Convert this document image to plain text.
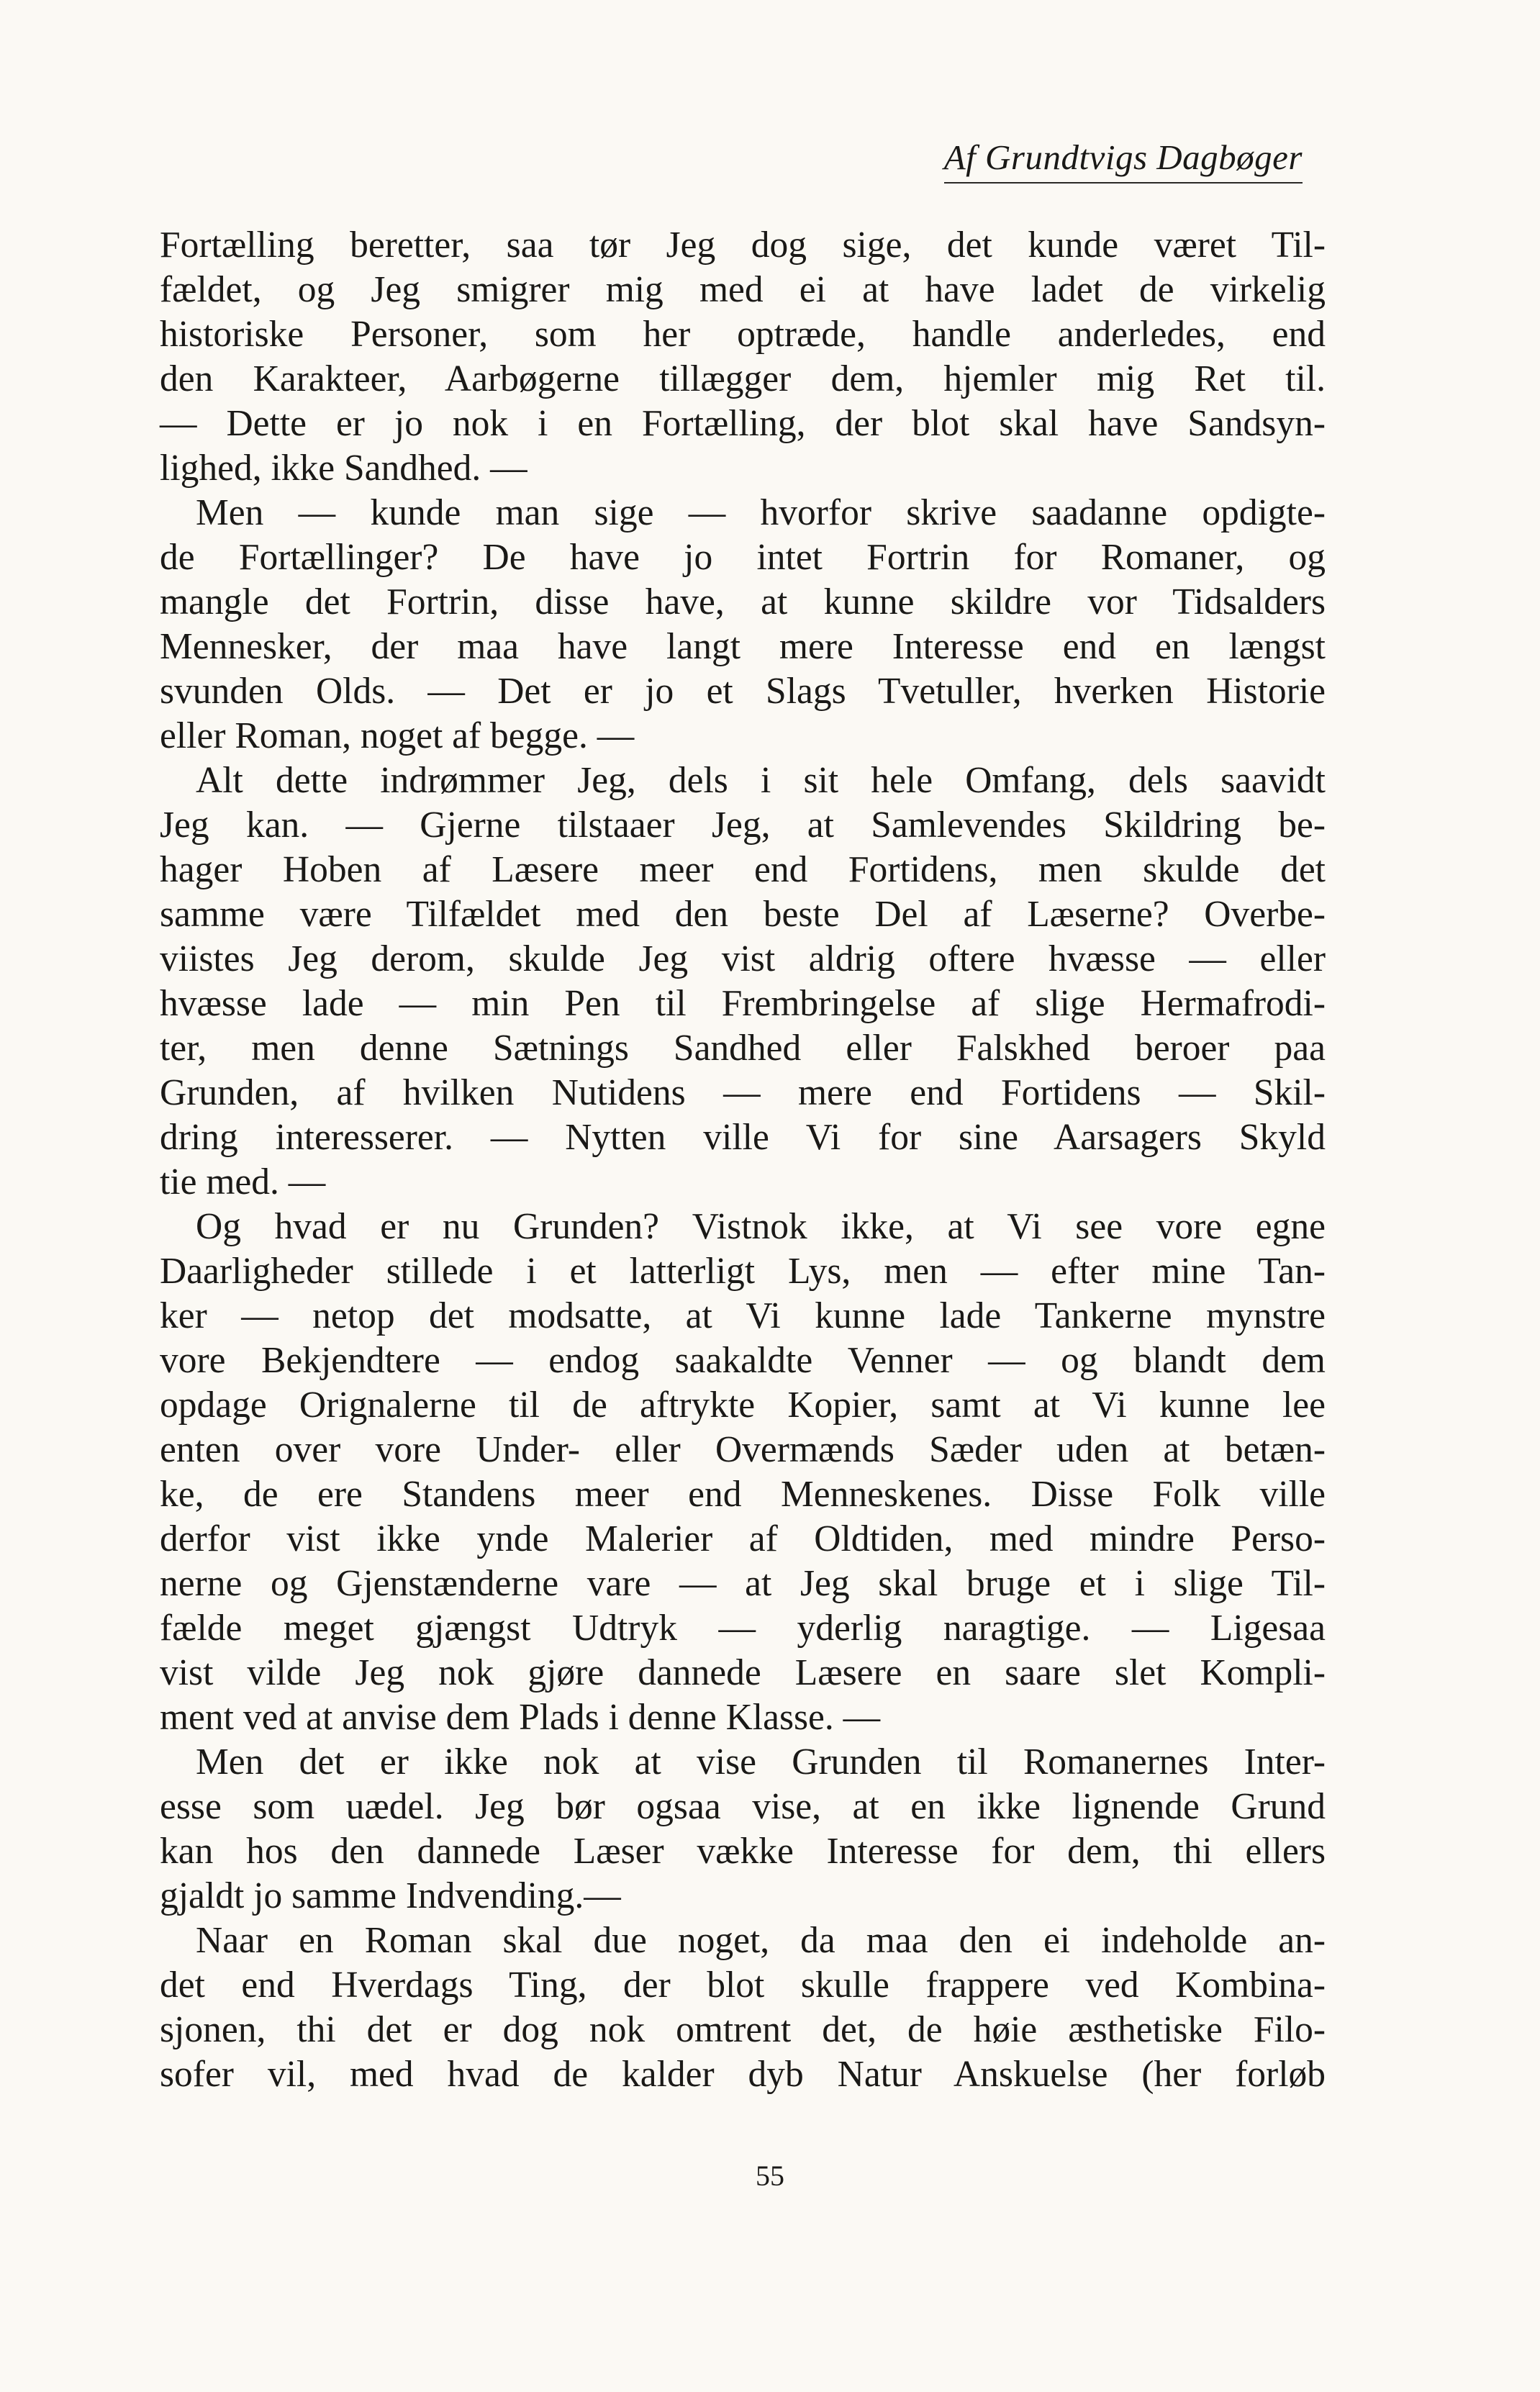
Af Grundtvigs Dagbøger
Fortælling beretter, saa tør Jeg dog sige, det kunde været Til-
fældet, og Jeg smigrer mig med ei at have ladet de virkelig
historiske Personer, som her optræde, handle anderledes, end
den Karakteer, Aarbøgerne tillægger dem, hjemler mig Ret til.
— Dette er jo nok i en Fortælling, der blot skal have Sandsyn-
lighed, ikke Sandhed. —
Men — kunde man sige — hvorfor skrive saadanne opdigte-
de Fortællinger? De have jo intet Fortrin for Romaner, og
mangle det Fortrin, disse have, at kunne skildre vor Tidsalders
Mennesker, der maa have langt mere Interesse end en længst
svunden Olds. — Det er jo et Slags Tvetuller, hverken Historie
eller Roman, noget af begge. —
Alt dette indrømmer Jeg, dels i sit hele Omfang, dels saavidt
Jeg kan. — Gjerne tilstaaer Jeg, at Samlevendes Skildring be-
hager Hoben af Læsere meer end Fortidens, men skulde det
samme være Tilfældet med den beste Del af Læserne? Overbe-
viistes Jeg derom, skulde Jeg vist aldrig oftere hvæsse — eller
hvæsse lade — min Pen til Frembringelse af slige Hermafrodi-
ter, men denne Sætnings Sandhed eller Falskhed beroer paa
Grunden, af hvilken Nutidens — mere end Fortidens — Skil-
dring interesserer. — Nytten ville Vi for sine Aarsagers Skyld
tie med. —
Og hvad er nu Grunden? Vistnok ikke, at Vi see vore egne
Daarligheder stillede i et latterligt Lys, men — efter mine Tan-
ker — netop det modsatte, at Vi kunne lade Tankerne mynstre
vore Bekjendtere — endog saakaldte Venner — og blandt dem
opdage Orignalerne til de aftrykte Kopier, samt at Vi kunne lee
enten over vore Under- eller Overmænds Sæder uden at betæn-
ke, de ere Standens meer end Menneskenes. Disse Folk ville
derfor vist ikke ynde Malerier af Oldtiden, med mindre Perso-
nerne og Gjenstænderne vare — at Jeg skal bruge et i slige Til-
fælde meget gjængst Udtryk — yderlig naragtige. — Ligesaa
vist vilde Jeg nok gjøre dannede Læsere en saare slet Kompli-
ment ved at anvise dem Plads i denne Klasse. —
Men det er ikke nok at vise Grunden til Romanernes Inter-
esse som uædel. Jeg bør ogsaa vise, at en ikke lignende Grund
kan hos den dannede Læser vække Interesse for dem, thi ellers
gjaldt jo samme Indvending.—
Naar en Roman skal due noget, da maa den ei indeholde an-
det end Hverdags Ting, der blot skulle frappere ved Kombina-
sjonen, thi det er dog nok omtrent det, de høie æsthetiske Filo-
sofer vil, med hvad de kalder dyb Natur Anskuelse (her forløb
55
